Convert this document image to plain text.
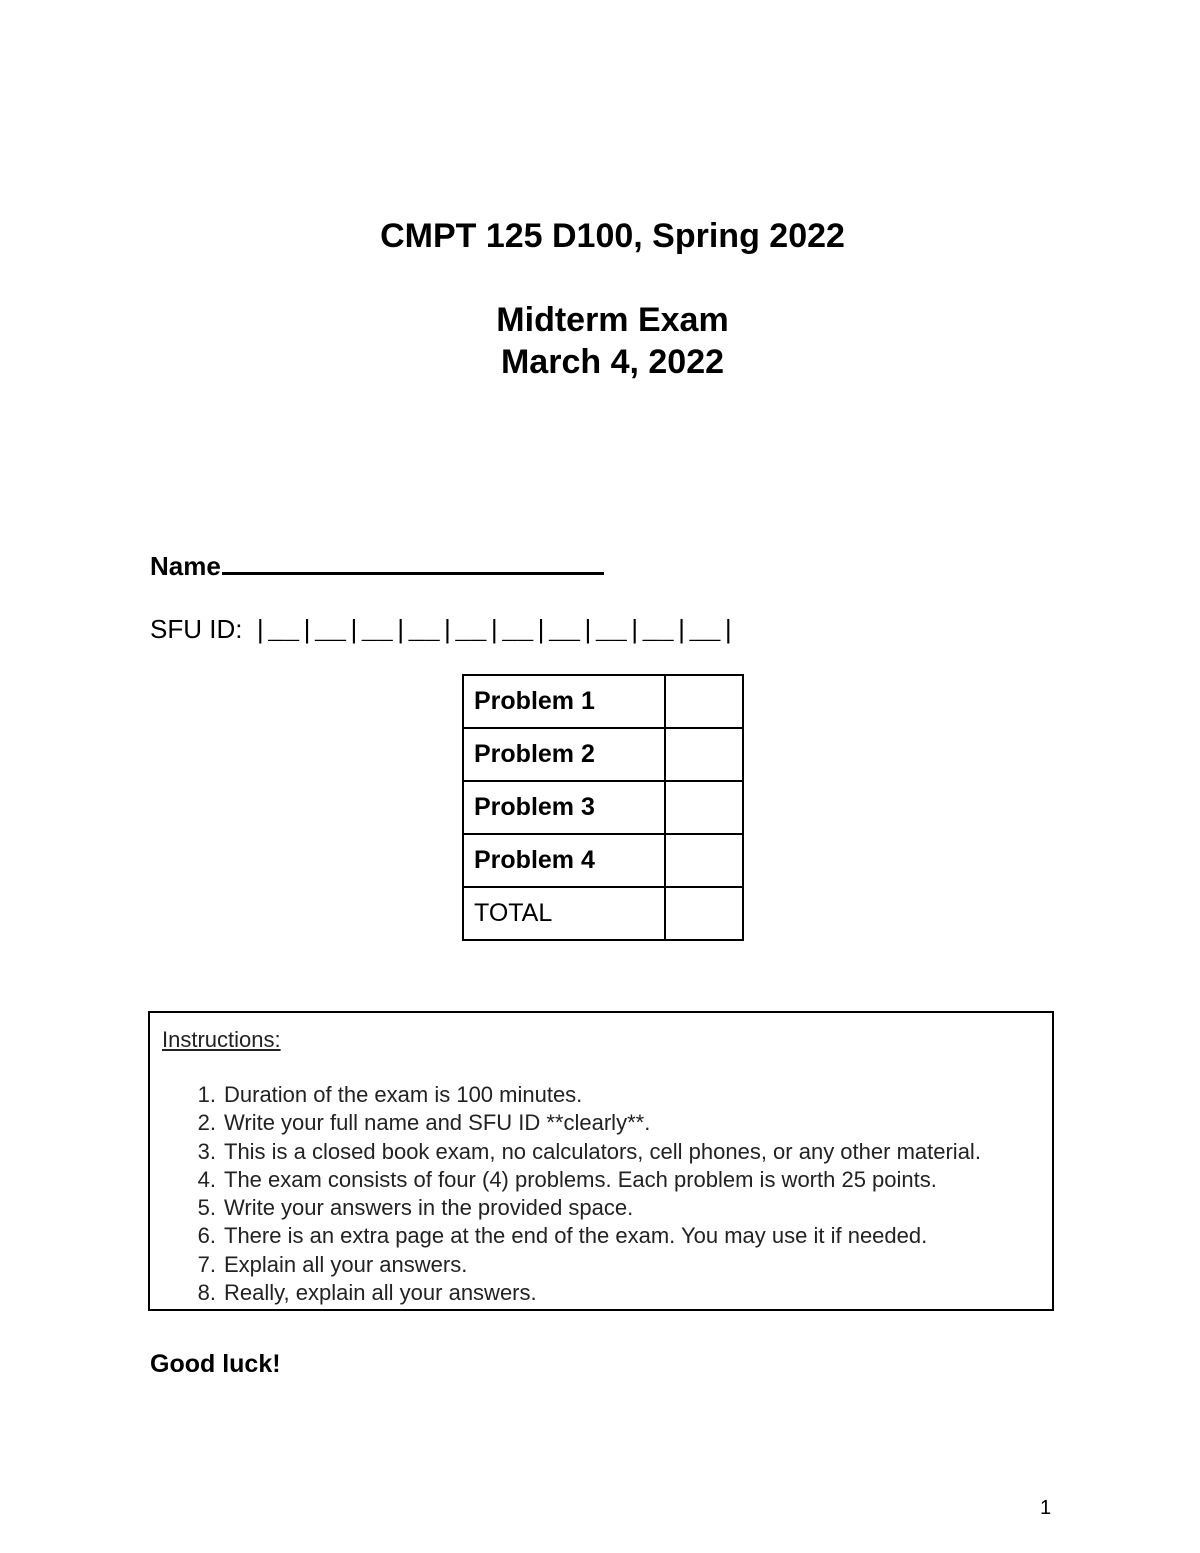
CMPT 125 D100, Spring 2022
Midterm Exam
March 4, 2022
Name
SFU ID: |__|__|__|__|__|__|__|__|__|__|
Problem 1	
Problem 2	
Problem 3	
Problem 4	
TOTAL	
Instructions:
1. Duration of the exam is 100 minutes.
2. Write your full name and SFU ID **clearly**.
3. This is a closed book exam, no calculators, cell phones, or any other material.
4. The exam consists of four (4) problems. Each problem is worth 25 points.
5. Write your answers in the provided space.
6. There is an extra page at the end of the exam. You may use it if needed.
7. Explain all your answers.
8. Really, explain all your answers.
Good luck!
1
